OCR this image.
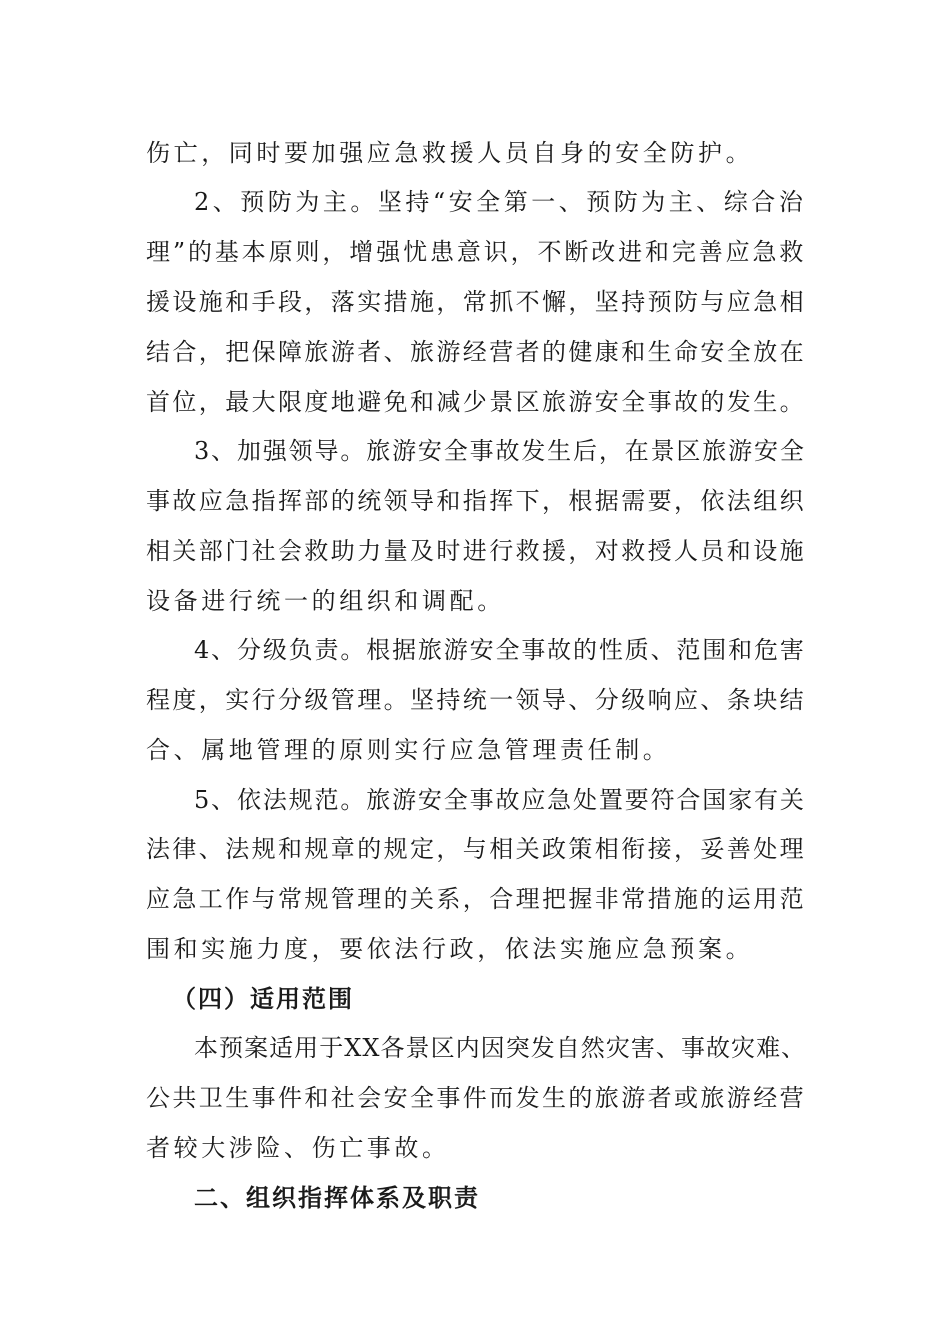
伤亡，同时要加强应急救援人员自身的安全防护。
2、预防为主。坚持“安全第一、预防为主、综合治
理”的基本原则，增强忧患意识，不断改进和完善应急救
援设施和手段，落实措施，常抓不懈，坚持预防与应急相
结合，把保障旅游者、旅游经营者的健康和生命安全放在
首位，最大限度地避免和减少景区旅游安全事故的发生。
3、加强领导。旅游安全事故发生后，在景区旅游安全
事故应急指挥部的统领导和指挥下，根据需要，依法组织
相关部门社会救助力量及时进行救援，对救授人员和设施
设备进行统一的组织和调配。
4、分级负责。根据旅游安全事故的性质、范围和危害
程度，实行分级管理。坚持统一领导、分级响应、条块结
合、属地管理的原则实行应急管理责任制。
5、依法规范。旅游安全事故应急处置要符合国家有关
法律、法规和规章的规定，与相关政策相衔接，妥善处理
应急工作与常规管理的关系，合理把握非常措施的运用范
围和实施力度，要依法行政，依法实施应急预案。
（四）适用范围
本预案适用于XX各景区内因突发自然灾害、事故灾难、
公共卫生事件和社会安全事件而发生的旅游者或旅游经营
者较大涉险、伤亡事故。
二、组织指挥体系及职责
